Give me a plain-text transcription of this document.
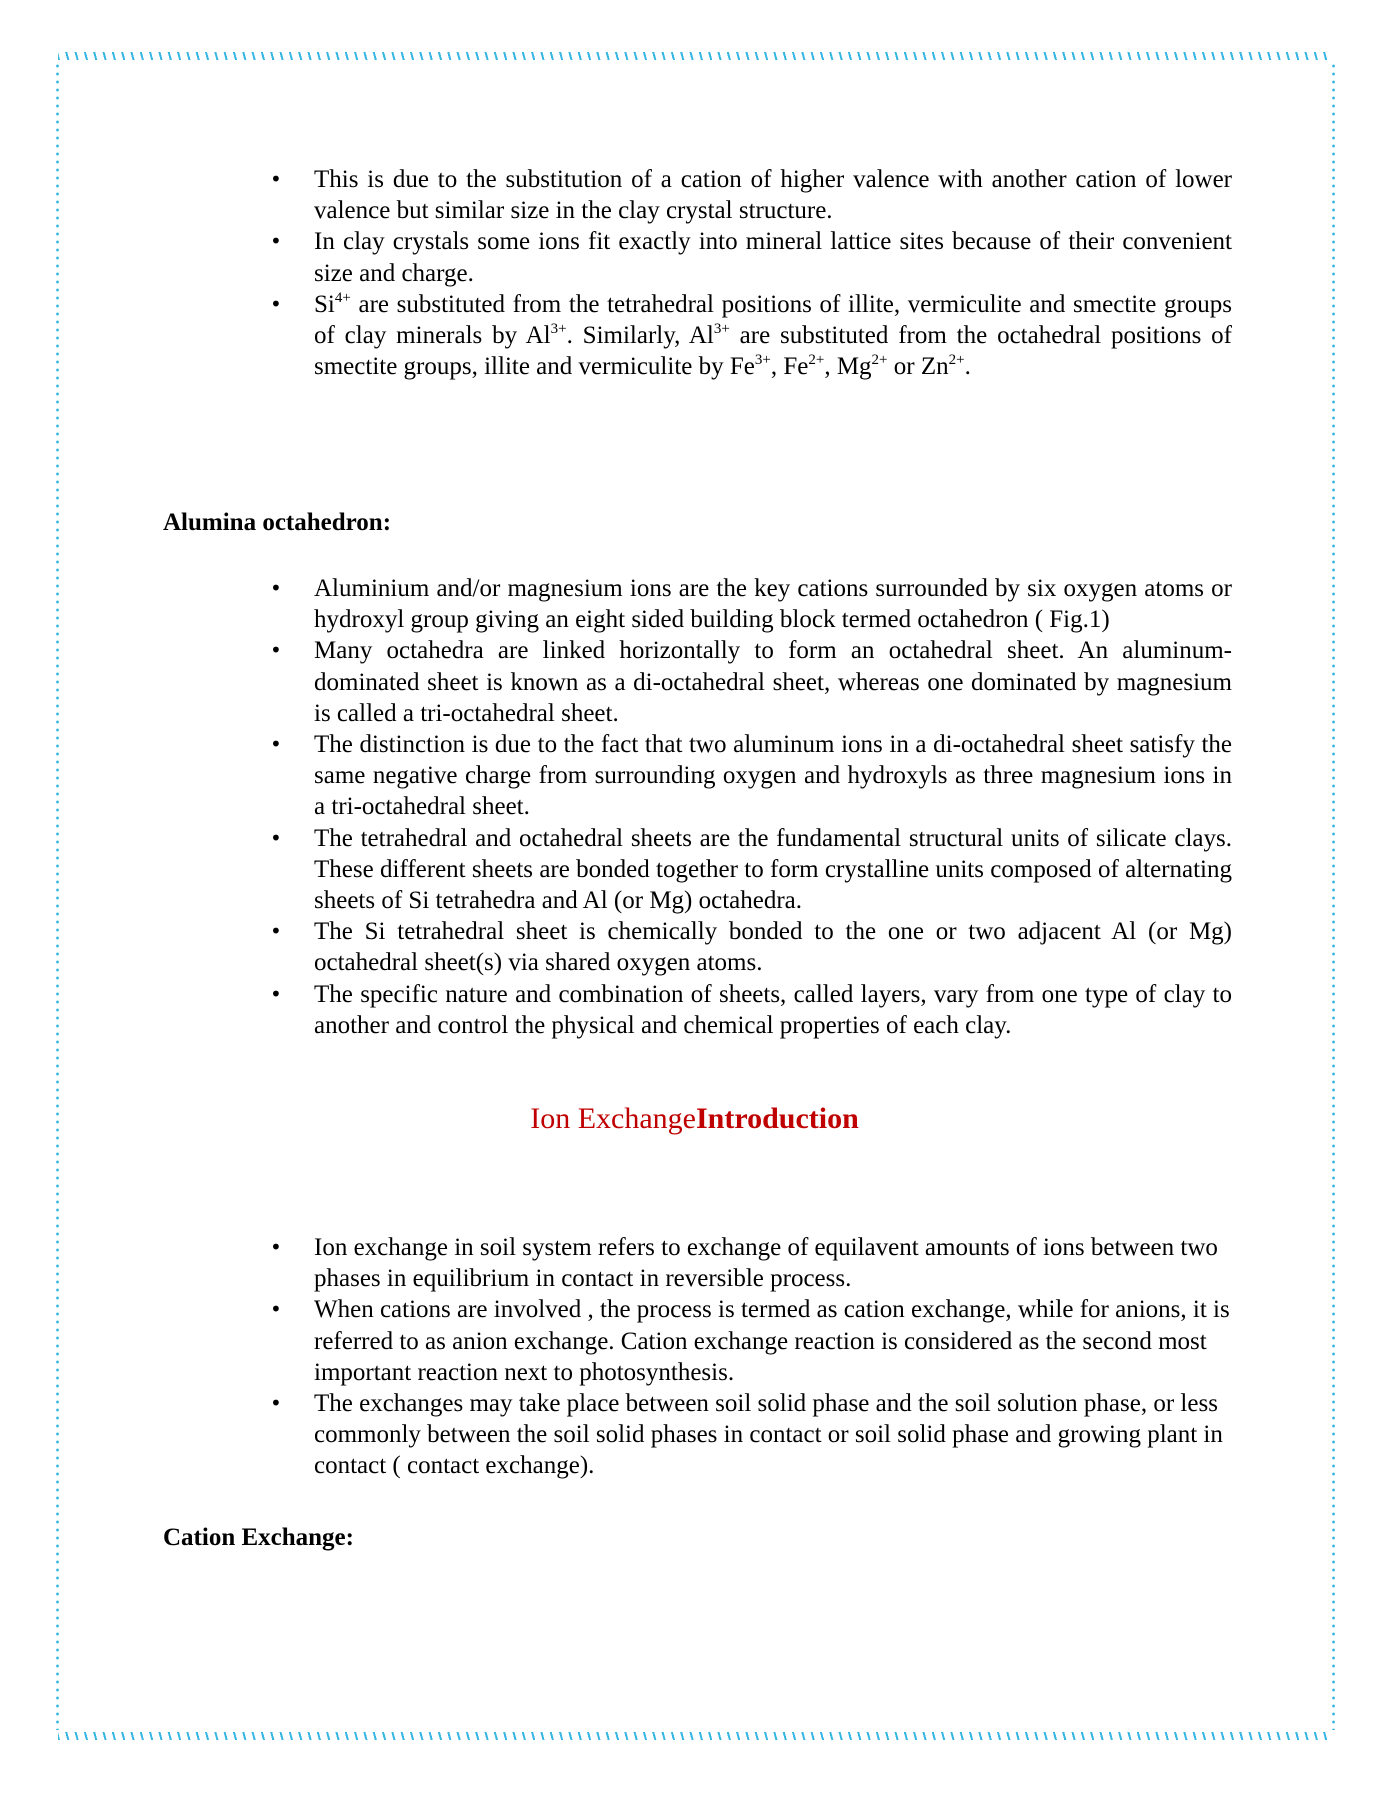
• This is due to the substitution of a cation of higher valence with another cation of lower valence but similar size in the clay crystal structure.
• In clay crystals some ions fit exactly into mineral lattice sites because of their convenient size and charge.
• $Si^{4+}$ are substituted from the tetrahedral positions of illite, vermiculite and smectite groups of clay minerals by $Al^{3+}$. Similarly, $Al^{3+}$ are substituted from the octahedral positions of smectite groups, illite and vermiculite by $Fe^{3+}$, $Fe^{2+}$, $Mg^{2+}$ or $Zn^{2+}$.
Alumina octahedron:
• Aluminium and/or magnesium ions are the key cations surrounded by six oxygen atoms or hydroxyl group giving an eight sided building block termed octahedron ( Fig.1)
• Many octahedra are linked horizontally to form an octahedral sheet. An aluminum-dominated sheet is known as a di-octahedral sheet, whereas one dominated by magnesium is called a tri-octahedral sheet.
• The distinction is due to the fact that two aluminum ions in a di-octahedral sheet satisfy the same negative charge from surrounding oxygen and hydroxyls as three magnesium ions in a tri-octahedral sheet.
• The tetrahedral and octahedral sheets are the fundamental structural units of silicate clays. These different sheets are bonded together to form crystalline units composed of alternating sheets of Si tetrahedra and Al (or Mg) octahedra.
• The Si tetrahedral sheet is chemically bonded to the one or two adjacent Al (or Mg) octahedral sheet(s) via shared oxygen atoms.
• The specific nature and combination of sheets, called layers, vary from one type of clay to another and control the physical and chemical properties of each clay.
Ion ExchangeIntroduction
• Ion exchange in soil system refers to exchange of equilavent amounts of ions between two phases in equilibrium in contact in reversible process.
• When cations are involved , the process is termed as cation exchange, while for anions, it is referred to as anion exchange. Cation exchange reaction is considered as the second most important reaction next to photosynthesis.
• The exchanges may take place between soil solid phase and the soil solution phase, or less commonly between the soil solid phases in contact or soil solid phase and growing plant in contact ( contact exchange).
Cation Exchange:
